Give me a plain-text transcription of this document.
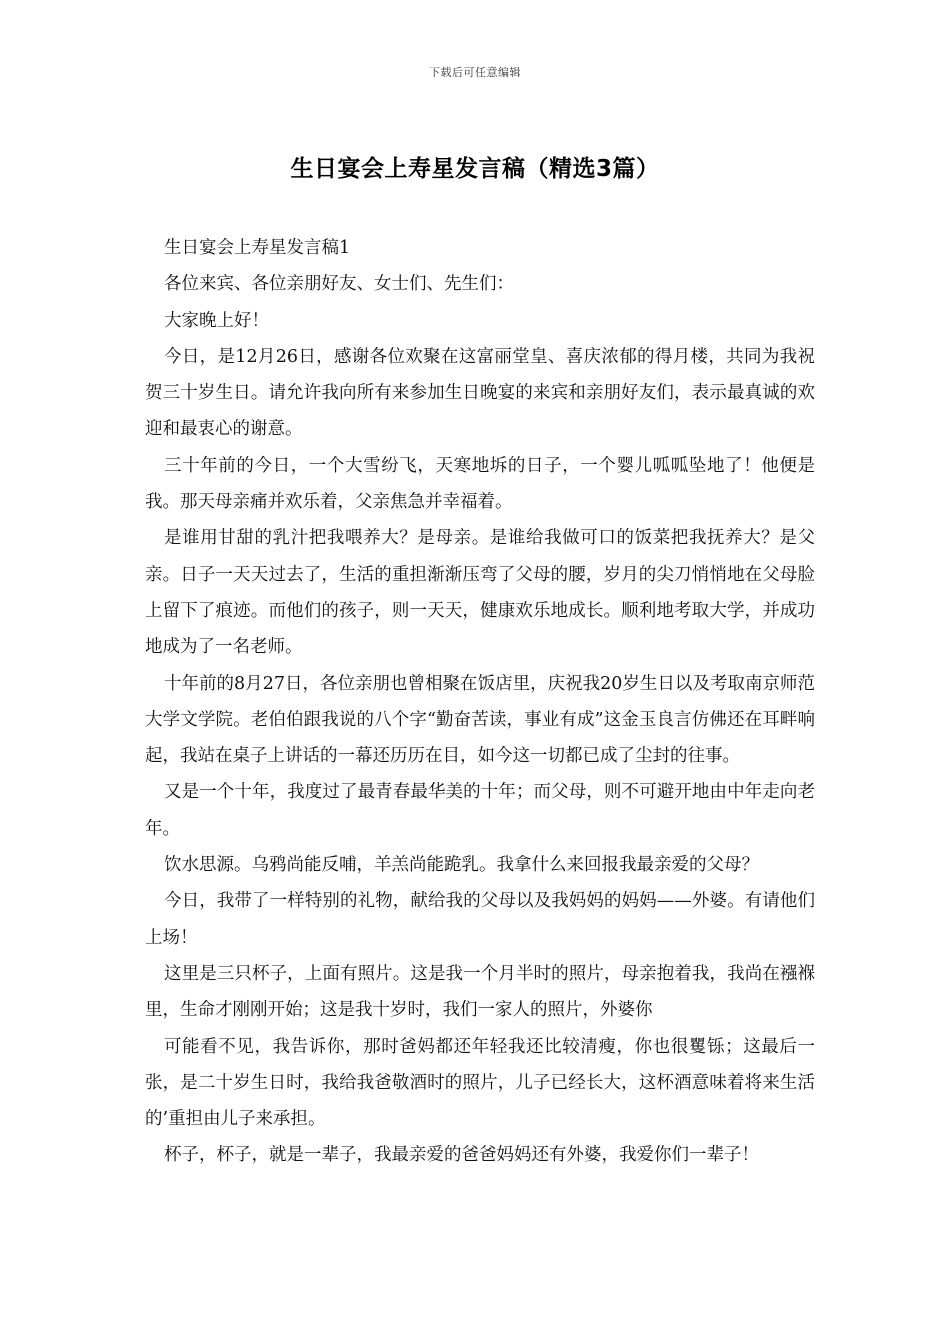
下载后可任意编辑
生日宴会上寿星发言稿（精选3篇）

生日宴会上寿星发言稿1

各位来宾、各位亲朋好友、女士们、先生们：

大家晚上好！

今日，是12月26日，感谢各位欢聚在这富丽堂皇、喜庆浓郁的得月楼，共同为我祝贺三十岁生日。请允许我向所有来参加生日晚宴的来宾和亲朋好友们，表示最真诚的欢迎和最衷心的谢意。

三十年前的今日，一个大雪纷飞，天寒地坼的日子，一个婴儿呱呱坠地了！他便是我。那天母亲痛并欢乐着，父亲焦急并幸福着。

是谁用甘甜的乳汁把我喂养大？是母亲。是谁给我做可口的饭菜把我抚养大？是父亲。日子一天天过去了，生活的重担渐渐压弯了父母的腰，岁月的尖刀悄悄地在父母脸上留下了痕迹。而他们的孩子，则一天天，健康欢乐地成长。顺利地考取大学，并成功地成为了一名老师。

十年前的8月27日，各位亲朋也曾相聚在饭店里，庆祝我20岁生日以及考取南京师范大学文学院。老伯伯跟我说的八个字“勤奋苦读，事业有成”这金玉良言仿佛还在耳畔响起，我站在桌子上讲话的一幕还历历在目，如今这一切都已成了尘封的往事。

又是一个十年，我度过了最青春最华美的十年；而父母，则不可避开地由中年走向老年。

饮水思源。乌鸦尚能反哺，羊羔尚能跪乳。我拿什么来回报我最亲爱的父母？

今日，我带了一样特别的礼物，献给我的父母以及我妈妈的妈妈——外婆。有请他们上场！

这里是三只杯子，上面有照片。这是我一个月半时的照片，母亲抱着我，我尚在襁褓里，生命才刚刚开始；这是我十岁时，我们一家人的照片，外婆你

可能看不见，我告诉你，那时爸妈都还年轻我还比较清瘦，你也很矍铄；这最后一张，是二十岁生日时，我给我爸敬酒时的照片，儿子已经长大，这杯酒意味着将来生活的’重担由儿子来承担。

杯子，杯子，就是一辈子，我最亲爱的爸爸妈妈还有外婆，我爱你们一辈子！
